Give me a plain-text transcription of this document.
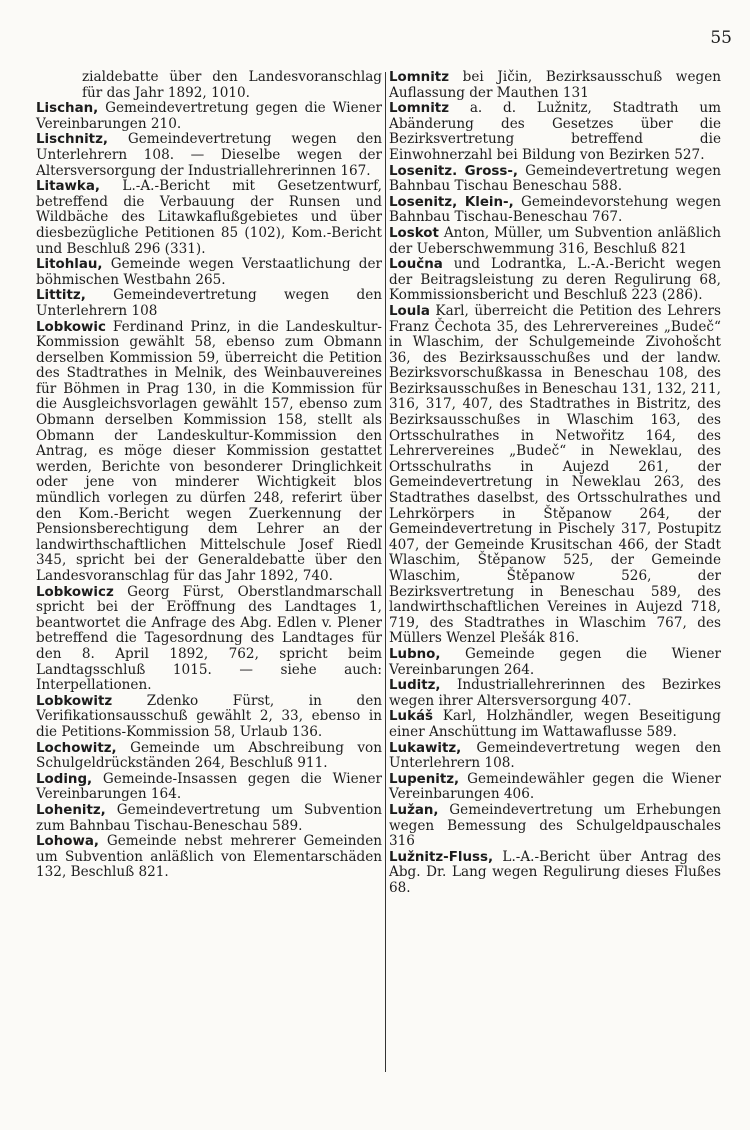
55

zialdebatte über den Landesvoranschlag für das Jahr 1892, 1010.

Lischan, Gemeindevertretung gegen die Wiener Vereinbarungen 210.

Lischnitz, Gemeindevertretung wegen den Unterlehrern 108. — Dieselbe wegen der Altersversorgung der Industriallehrerinnen 167.

Litawka, L.-A.-Bericht mit Gesetzentwurf, betreffend die Verbauung der Runsen und Wildbäche des Litawkaflußgebietes und über diesbezügliche Petitionen 85 (102), Kom.-Bericht und Beschluß 296 (331).

Litohlau, Gemeinde wegen Verstaatlichung der böhmischen Westbahn 265.

Littitz, Gemeindevertretung wegen den Unterlehrern 108

Lobkowic Ferdinand Prinz, in die Landeskultur-Kommission gewählt 58, ebenso zum Obmann derselben Kommission 59, überreicht die Petition des Stadtrathes in Melnik, des Weinbauvereines für Böhmen in Prag 130, in die Kommission für die Ausgleichsvorlagen gewählt 157, ebenso zum Obmann derselben Kommission 158, stellt als Obmann der Landeskultur-Kommission den Antrag, es möge dieser Kommission gestattet werden, Berichte von besonderer Dringlichkeit oder jene von minderer Wichtigkeit blos mündlich vorlegen zu dürfen 248, referirt über den Kom.-Bericht wegen Zuerkennung der Pensionsberechtigung dem Lehrer an der landwirthschaftlichen Mittelschule Josef Riedl 345, spricht bei der Generaldebatte über den Landesvoranschlag für das Jahr 1892, 740.

Lobkowicz Georg Fürst, Oberstlandmarschall spricht bei der Eröffnung des Landtages 1, beantwortet die Anfrage des Abg. Edlen v. Plener betreffend die Tagesordnung des Landtages für den 8. April 1892, 762, spricht beim Landtagsschluß 1015. — siehe auch: Interpellationen.

Lobkowitz Zdenko Fürst, in den Verifikationsausschuß gewählt 2, 33, ebenso in die Petitions-Kommission 58, Urlaub 136.

Lochowitz, Gemeinde um Abschreibung von Schulgeldrückständen 264, Beschluß 911.

Loding, Gemeinde-Insassen gegen die Wiener Vereinbarungen 164.

Lohenitz, Gemeindevertretung um Subvention zum Bahnbau Tischau-Beneschau 589.

Lohowa, Gemeinde nebst mehrerer Gemeinden um Subvention anläßlich von Elementarschäden 132, Beschluß 821.

Lomnitz bei Jičin, Bezirksausschuß wegen Auflassung der Mauthen 131

Lomnitz a. d. Lužnitz, Stadtrath um Abänderung des Gesetzes über die Bezirksvertretung betreffend die Einwohnerzahl bei Bildung von Bezirken 527.

Losenitz. Gross-, Gemeindevertretung wegen Bahnbau Tischau Beneschau 588.

Losenitz, Klein-, Gemeindevorstehung wegen Bahnbau Tischau-Beneschau 767.

Loskot Anton, Müller, um Subvention anläßlich der Ueberschwemmung 316, Beschluß 821

Loučna und Lodrantka, L.-A.-Bericht wegen der Beitragsleistung zu deren Regulirung 68, Kommissionsbericht und Beschluß 223 (286).

Loula Karl, überreicht die Petition des Lehrers Franz Čechota 35, des Lehrervereines „Budeč“ in Wlaschim, der Schulgemeinde Zivohošcht 36, des Bezirksausschußes und der landw. Bezirksvorschußkassa in Beneschau 108, des Bezirksausschußes in Beneschau 131, 132, 211, 316, 317, 407, des Stadtrathes in Bistritz, des Bezirksausschußes in Wlaschim 163, des Ortsschulrathes in Netwořitz 164, des Lehrervereines „Budeč“ in Neweklau, des Ortsschulraths in Aujezd 261, der Gemeindevertretung in Neweklau 263, des Stadtrathes daselbst, des Ortsschulrathes und Lehrkörpers in Štěpanow 264, der Gemeindevertretung in Pischely 317, Postupitz 407, der Gemeinde Krusitschan 466, der Stadt Wlaschim, Štěpanow 525, der Gemeinde Wlaschim, Štěpanow 526, der Bezirksvertretung in Beneschau 589, des landwirthschaftlichen Vereines in Aujezd 718, 719, des Stadtrathes in Wlaschim 767, des Müllers Wenzel Plešák 816.

Lubno, Gemeinde gegen die Wiener Vereinbarungen 264.

Luditz, Industriallehrerinnen des Bezirkes wegen ihrer Altersversorgung 407.

Lukáš Karl, Holzhändler, wegen Beseitigung einer Anschüttung im Wattawaflusse 589.

Lukawitz, Gemeindevertretung wegen den Unterlehrern 108.

Lupenitz, Gemeindewähler gegen die Wiener Vereinbarungen 406.

Lužan, Gemeindevertretung um Erhebungen wegen Bemessung des Schulgeldpauschales 316

Lužnitz-Fluss, L.-A.-Bericht über Antrag des Abg. Dr. Lang wegen Regulirung dieses Flußes 68.
